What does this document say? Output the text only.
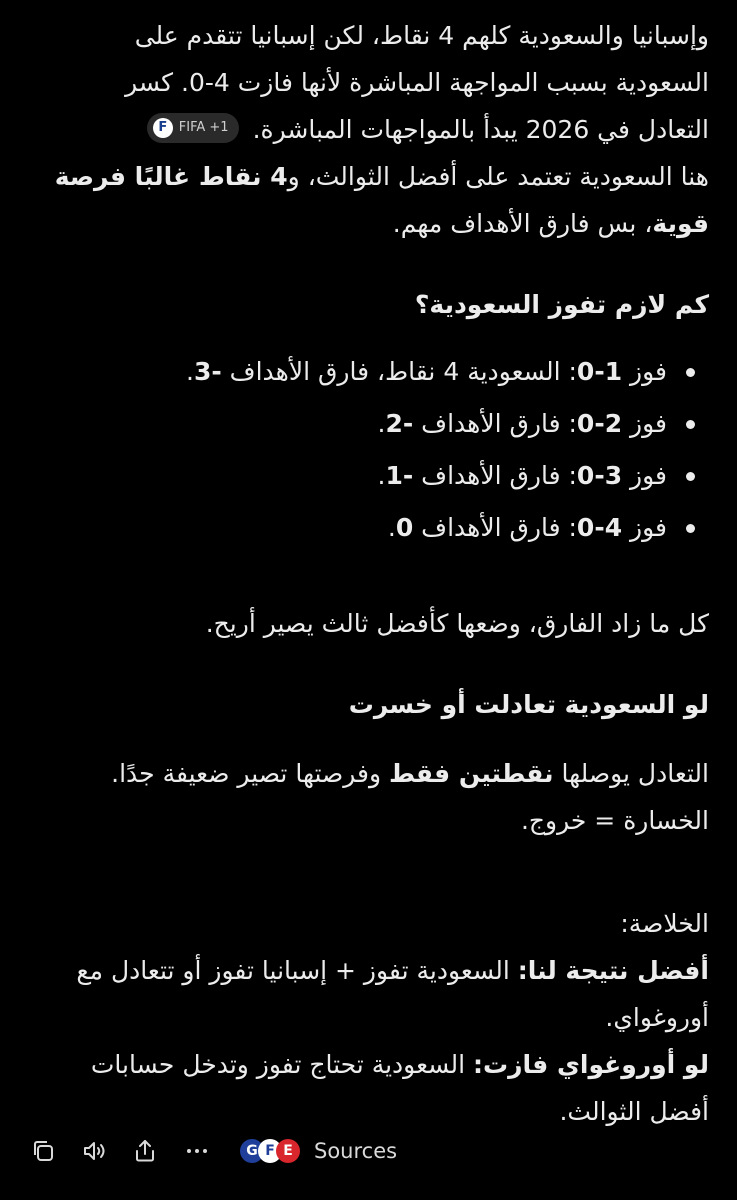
وإسبانيا والسعودية كلهم 4 نقاط، لكن إسبانيا تتقدم على السعودية بسبب المواجهة المباشرة لأنها فازت 4-0. كسر التعادل في 2026 يبدأ بالمواجهات المباشرة.
F FIFA +1

هنا السعودية تعتمد على أفضل الثوالث، و4 نقاط غالبًا فرصة قوية، بس فارق الأهداف مهم.

كم لازم تفوز السعودية؟
فوز 1-0: السعودية 4 نقاط، فارق الأهداف -3.
فوز 2-0: فارق الأهداف -2.
فوز 3-0: فارق الأهداف -1.
فوز 4-0: فارق الأهداف 0.

كل ما زاد الفارق، وضعها كأفضل ثالث يصير أريح.

لو السعودية تعادلت أو خسرت

التعادل يوصلها نقطتين فقط وفرصتها تصير ضعيفة جدًا.
الخسارة = خروج.

الخلاصة:
أفضل نتيجة لنا: السعودية تفوز + إسبانيا تفوز أو تتعادل مع أوروغواي.
لو أوروغواي فازت: السعودية تحتاج تفوز وتدخل حسابات أفضل الثوالث.
G F E	Sources
